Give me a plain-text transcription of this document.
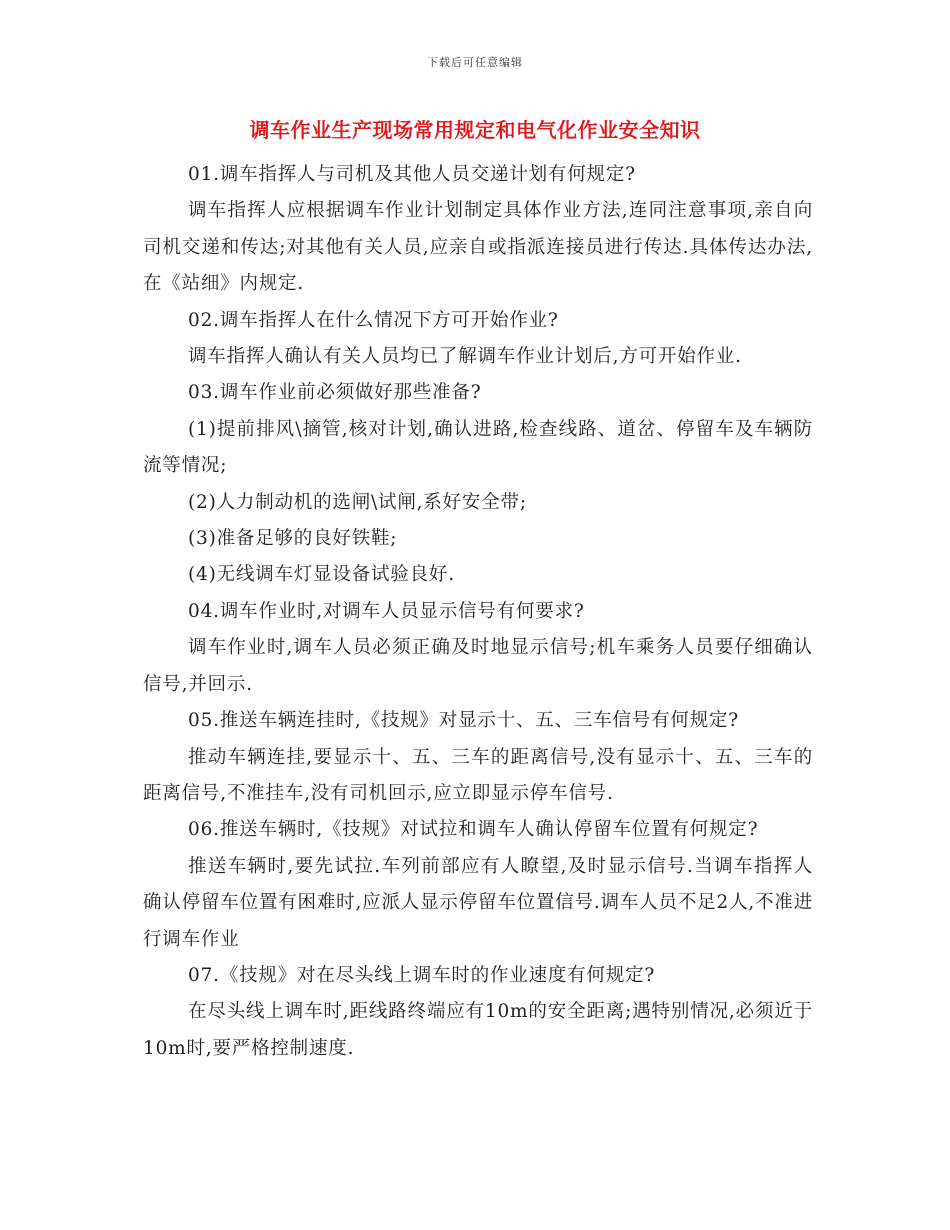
下载后可任意编辑
调车作业生产现场常用规定和电气化作业安全知识

01.调车指挥人与司机及其他人员交递计划有何规定?

调车指挥人应根据调车作业计划制定具体作业方法,连同注意事项,亲自向司机交递和传达;对其他有关人员,应亲自或指派连接员进行传达.具体传达办法,在《站细》内规定.

02.调车指挥人在什么情况下方可开始作业?

调车指挥人确认有关人员均已了解调车作业计划后,方可开始作业.

03.调车作业前必须做好那些准备?

(1)提前排风\摘管,核对计划,确认进路,检查线路、道岔、停留车及车辆防流等情况;

(2)人力制动机的选闸\试闸,系好安全带;

(3)准备足够的良好铁鞋;

(4)无线调车灯显设备试验良好.

04.调车作业时,对调车人员显示信号有何要求?

调车作业时,调车人员必须正确及时地显示信号;机车乘务人员要仔细确认信号,并回示.

05.推送车辆连挂时,《技规》对显示十、五、三车信号有何规定?

推动车辆连挂,要显示十、五、三车的距离信号,没有显示十、五、三车的距离信号,不准挂车,没有司机回示,应立即显示停车信号.

06.推送车辆时,《技规》对试拉和调车人确认停留车位置有何规定?

推送车辆时,要先试拉.车列前部应有人瞭望,及时显示信号.当调车指挥人确认停留车位置有困难时,应派人显示停留车位置信号.调车人员不足2人,不准进行调车作业

07.《技规》对在尽头线上调车时的作业速度有何规定?

在尽头线上调车时,距线路终端应有10m的安全距离;遇特别情况,必须近于10m时,要严格控制速度.
